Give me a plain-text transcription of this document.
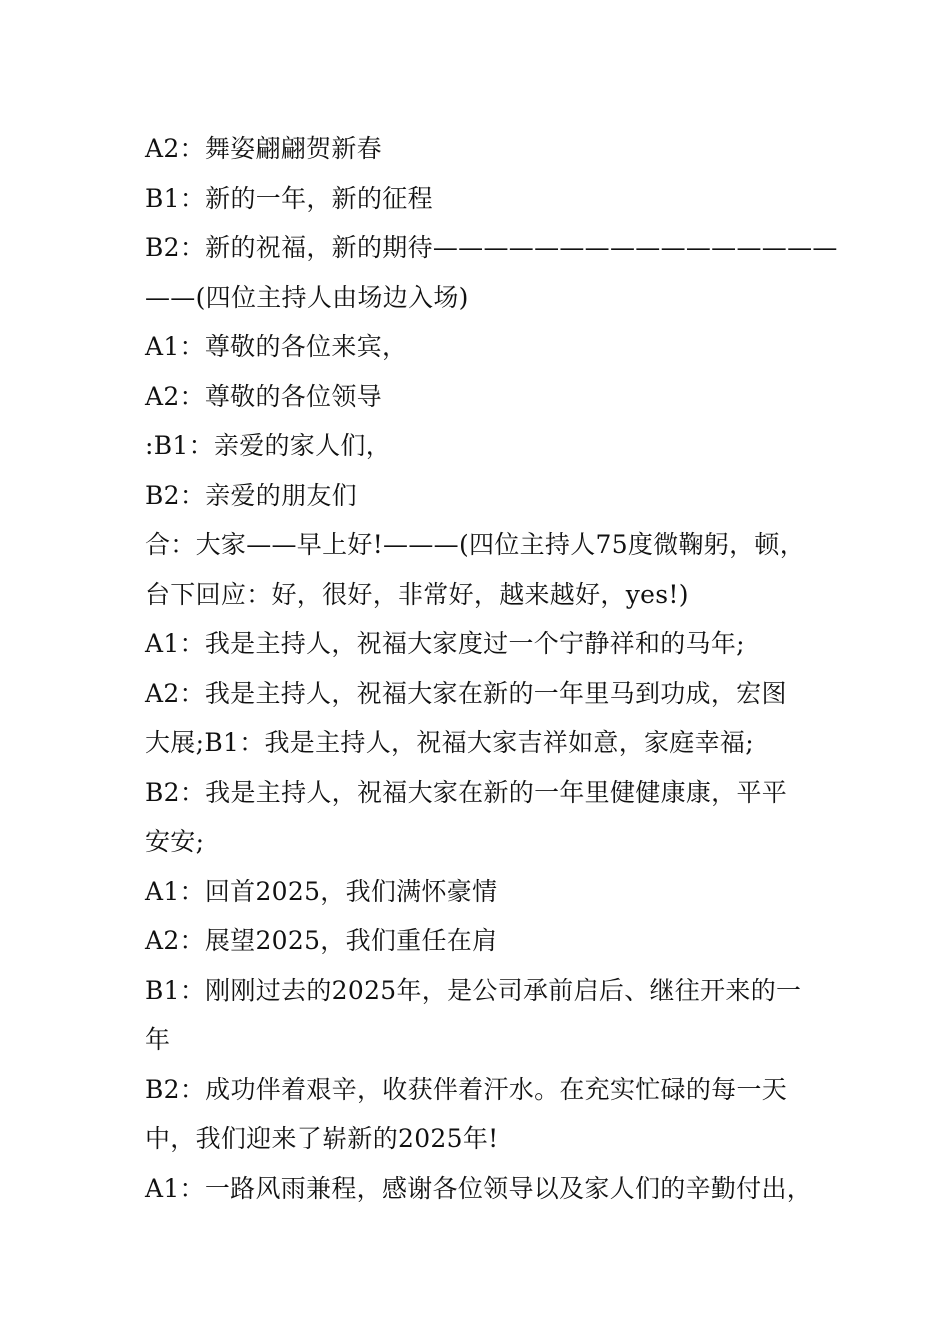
A2：舞姿翩翩贺新春
B1：新的一年，新的征程
B2：新的祝福，新的期待————————————————
——(四位主持人由场边入场)
A1：尊敬的各位来宾，
A2：尊敬的各位领导
:B1：亲爱的家人们，
B2：亲爱的朋友们
合：大家——早上好!———(四位主持人75度微鞠躬，顿，
台下回应：好，很好，非常好，越来越好，yes!)
A1：我是主持人，祝福大家度过一个宁静祥和的马年;
A2：我是主持人，祝福大家在新的一年里马到功成，宏图
大展;B1：我是主持人，祝福大家吉祥如意，家庭幸福;
B2：我是主持人，祝福大家在新的一年里健健康康，平平
安安;
A1：回首2025，我们满怀豪情
A2：展望2025，我们重任在肩
B1：刚刚过去的2025年，是公司承前启后、继往开来的一
年
B2：成功伴着艰辛，收获伴着汗水。在充实忙碌的每一天
中，我们迎来了崭新的2025年!
A1：一路风雨兼程，感谢各位领导以及家人们的辛勤付出，
